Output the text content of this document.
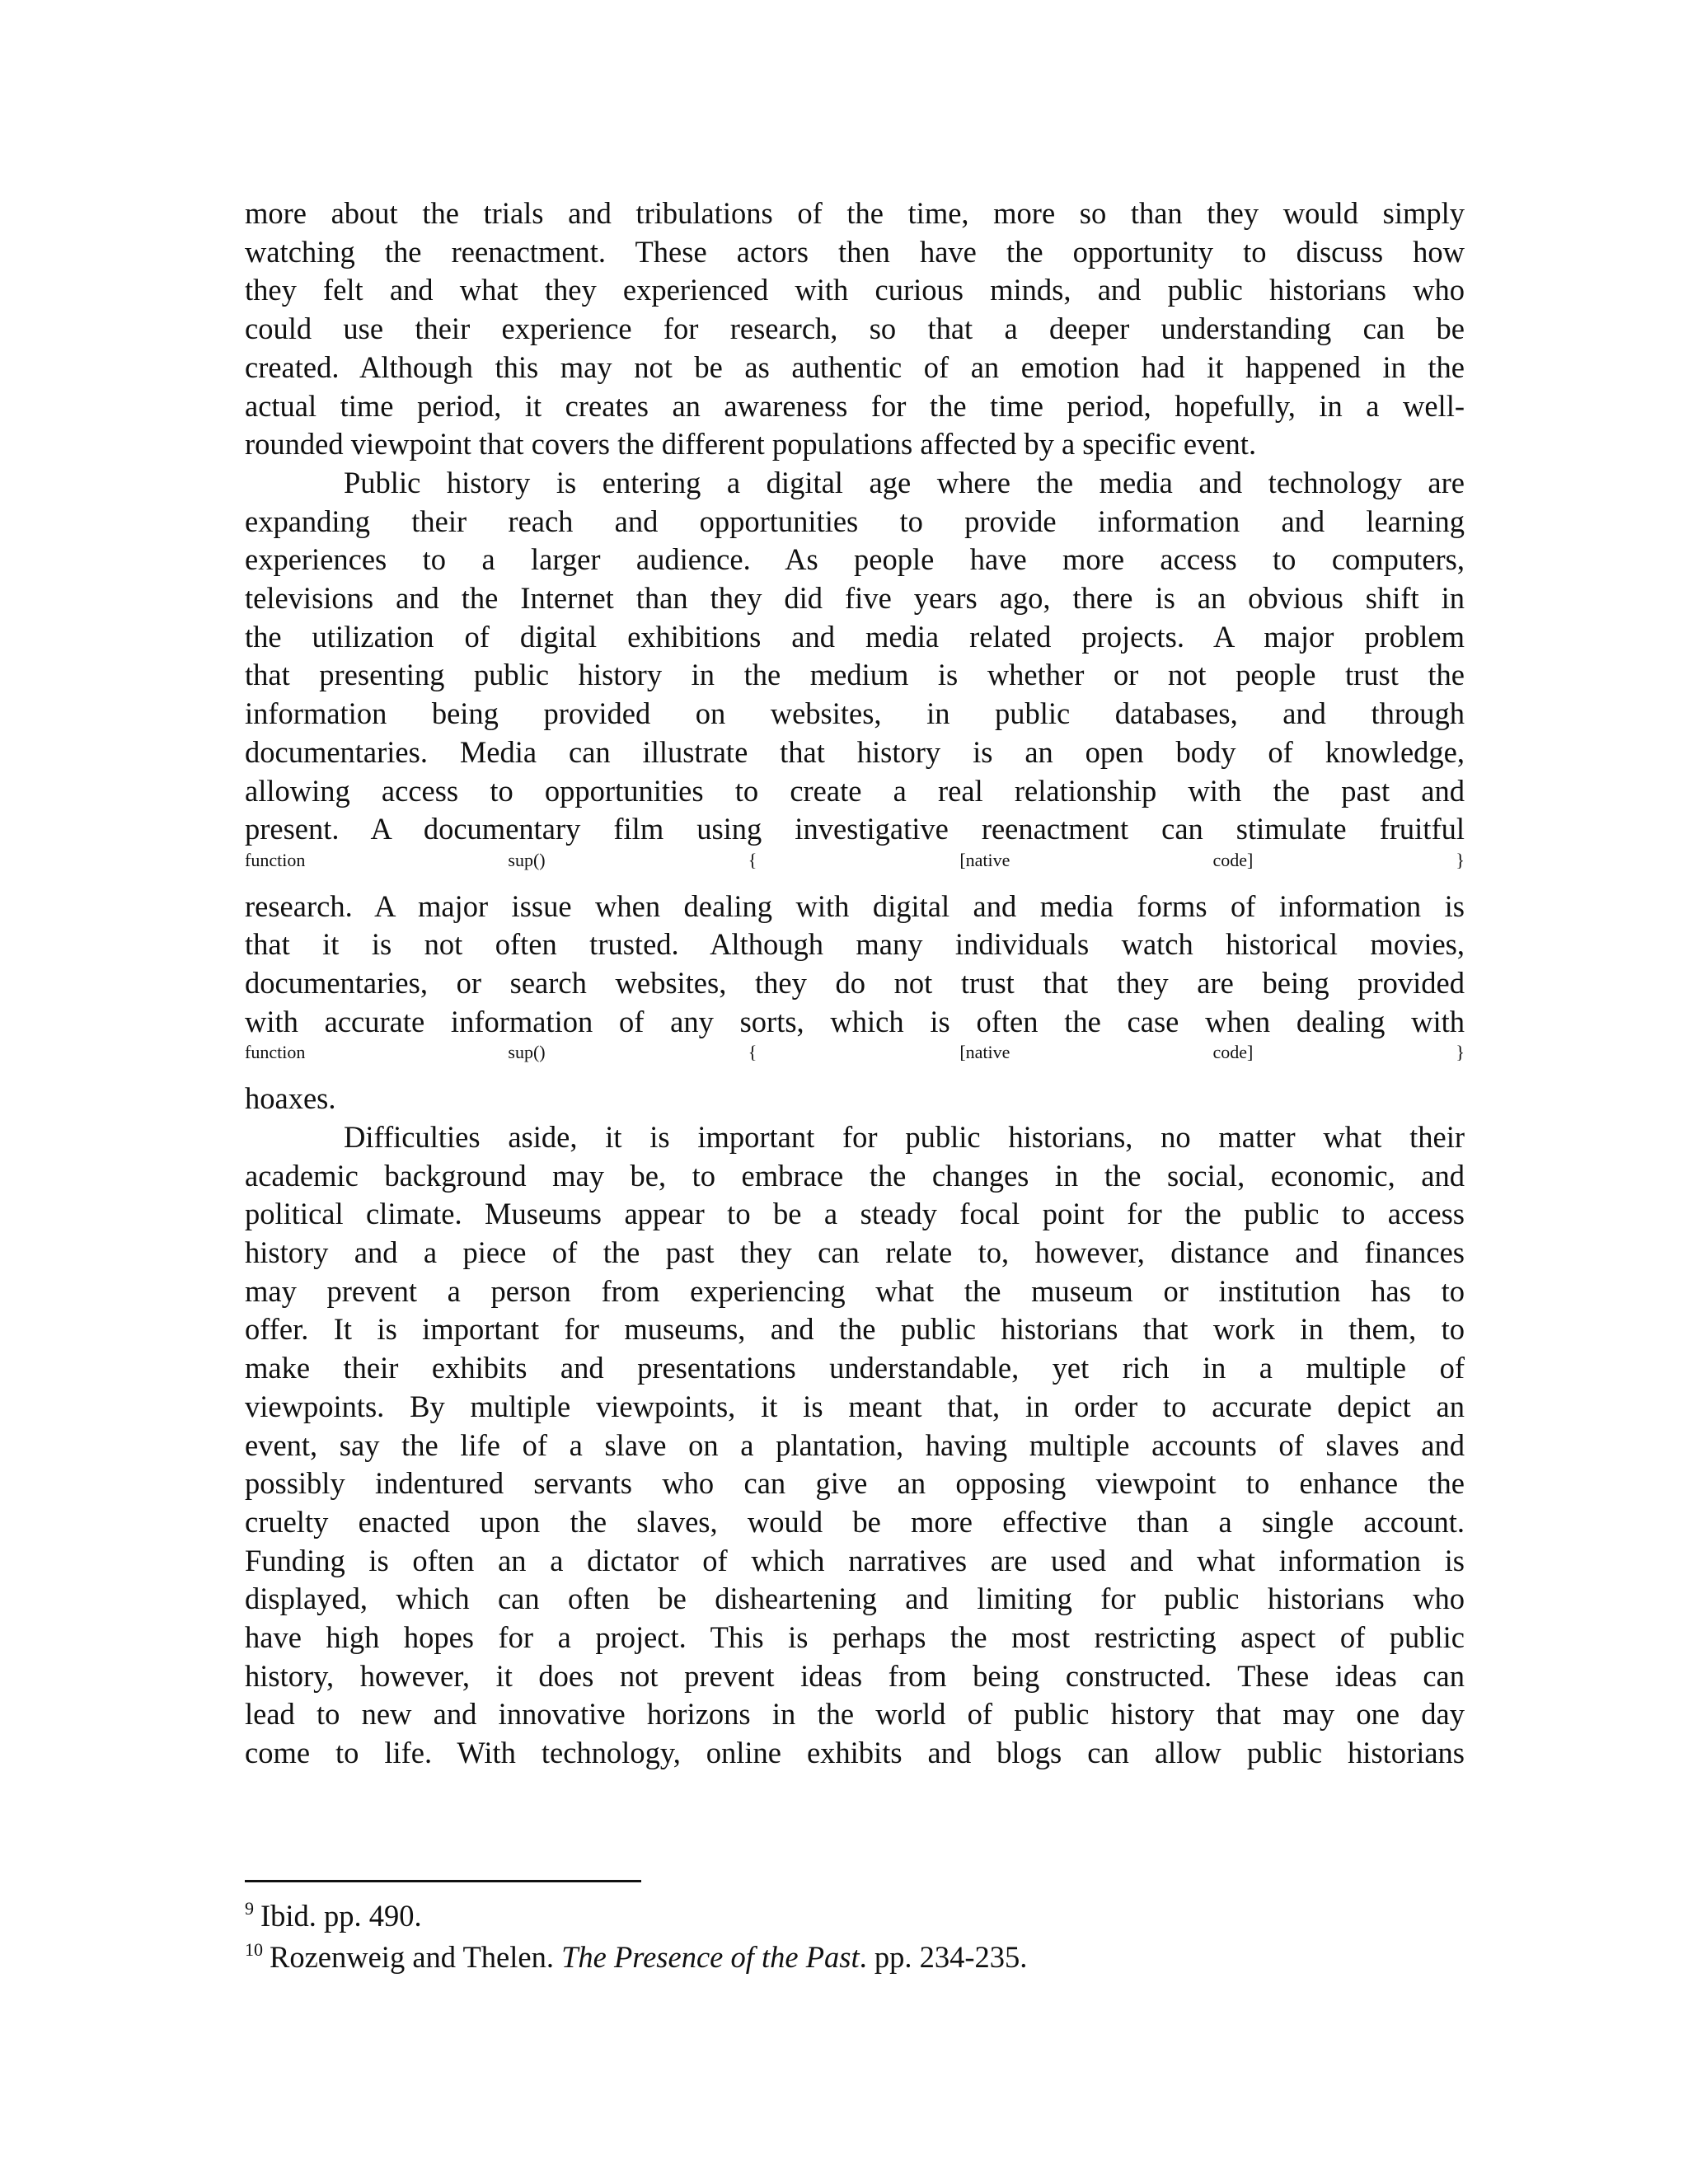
more about the trials and tribulations of the time, more so than they would simply
watching the reenactment. These actors then have the opportunity to discuss how
they felt and what they experienced with curious minds, and public historians who
could use their experience for research, so that a deeper understanding can be
created. Although this may not be as authentic of an emotion had it happened in the
actual time period, it creates an awareness for the time period, hopefully, in a well-
rounded viewpoint that covers the different populations affected by a specific event.
Public history is entering a digital age where the media and technology are
expanding their reach and opportunities to provide information and learning
experiences to a larger audience. As people have more access to computers,
televisions and the Internet than they did five years ago, there is an obvious shift in
the utilization of digital exhibitions and media related projects. A major problem
that presenting public history in the medium is whether or not people trust the
information being provided on websites, in public databases, and through
documentaries. Media can illustrate that history is an open body of knowledge,
allowing access to opportunities to create a real relationship with the past and
present. A documentary film using investigative reenactment can stimulate fruitful
$^{function sup() \{ [native code] \}}$
research. A major issue when dealing with digital and media forms of information is
that it is not often trusted. Although many individuals watch historical movies,
documentaries, or search websites, they do not trust that they are being provided
with accurate information of any sorts, which is often the case when dealing with
$^{function sup() \{ [native code] \}}$
hoaxes.
Difficulties aside, it is important for public historians, no matter what their
academic background may be, to embrace the changes in the social, economic, and
political climate. Museums appear to be a steady focal point for the public to access
history and a piece of the past they can relate to, however, distance and finances
may prevent a person from experiencing what the museum or institution has to
offer. It is important for museums, and the public historians that work in them, to
make their exhibits and presentations understandable, yet rich in a multiple of
viewpoints. By multiple viewpoints, it is meant that, in order to accurate depict an
event, say the life of a slave on a plantation, having multiple accounts of slaves and
possibly indentured servants who can give an opposing viewpoint to enhance the
cruelty enacted upon the slaves, would be more effective than a single account.
Funding is often an a dictator of which narratives are used and what information is
displayed, which can often be disheartening and limiting for public historians who
have high hopes for a project. This is perhaps the most restricting aspect of public
history, however, it does not prevent ideas from being constructed. These ideas can
lead to new and innovative horizons in the world of public history that may one day
come to life. With technology, online exhibits and blogs can allow public historians
$^9$ Ibid. pp. 490.
$^{10}$ Rozenweig and Thelen. The Presence of the Past. pp. 234-235.
